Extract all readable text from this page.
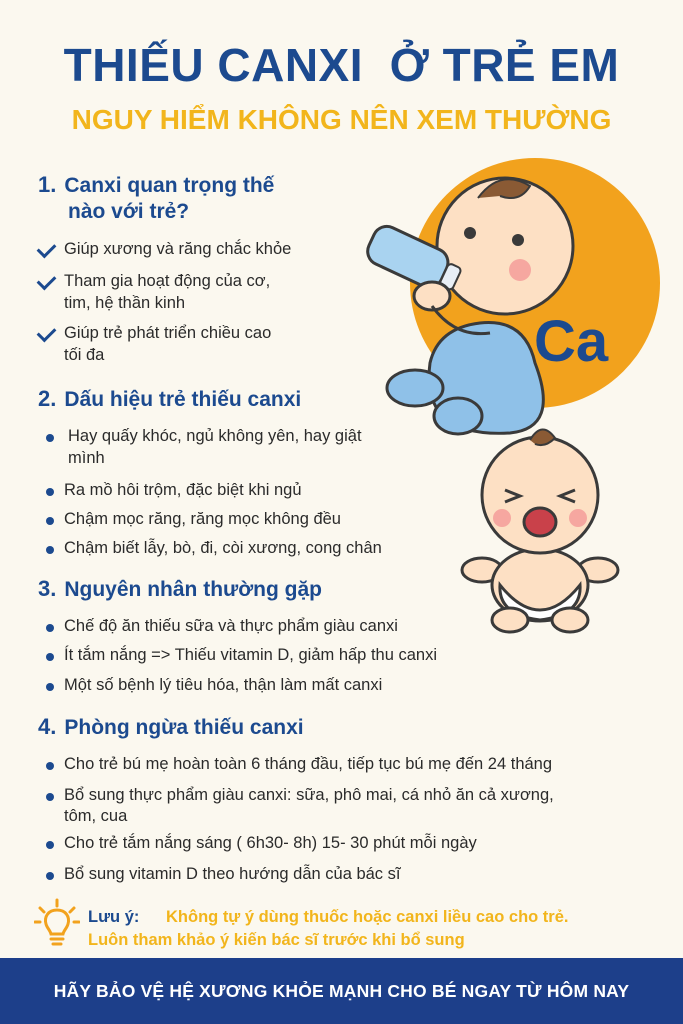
THIẾU CANXI  Ở TRẺ EM
NGUY HIỂM KHÔNG NÊN XEM THƯỜNG
Ca
1. Canxi quan trọng thế
nào với trẻ?
Giúp xương và răng chắc khỏe
Tham gia hoạt động của cơ,
tim, hệ thần kinh
Giúp trẻ phát triển chiều cao
tối đa
2. Dấu hiệu trẻ thiếu canxi
Hay quấy khóc, ngủ không yên, hay giật
mình
Ra mồ hôi trộm, đặc biệt khi ngủ
Chậm mọc răng, răng mọc không đều
Chậm biết lẫy, bò, đi, còi xương, cong chân
3. Nguyên nhân thường gặp
Chế độ ăn thiếu sữa và thực phẩm giàu canxi
Ít tắm nắng => Thiếu vitamin D, giảm hấp thu canxi
Một số bệnh lý tiêu hóa, thận làm mất canxi
4. Phòng ngừa thiếu canxi
Cho trẻ bú mẹ hoàn toàn 6 tháng đầu, tiếp tục bú mẹ đến 24 tháng
Bổ sung thực phẩm giàu canxi: sữa, phô mai, cá nhỏ ăn cả xương,
tôm, cua
Cho trẻ tắm nắng sáng ( 6h30- 8h) 15- 30 phút mỗi ngày
Bổ sung vitamin D theo hướng dẫn của bác sĩ
Lưu ý: Không tự ý dùng thuốc hoặc canxi liều cao cho trẻ.
Luôn tham khảo ý kiến bác sĩ trước khi bổ sung
HÃY BẢO VỆ HỆ XƯƠNG KHỎE MẠNH CHO BÉ NGAY TỪ HÔM NAY
